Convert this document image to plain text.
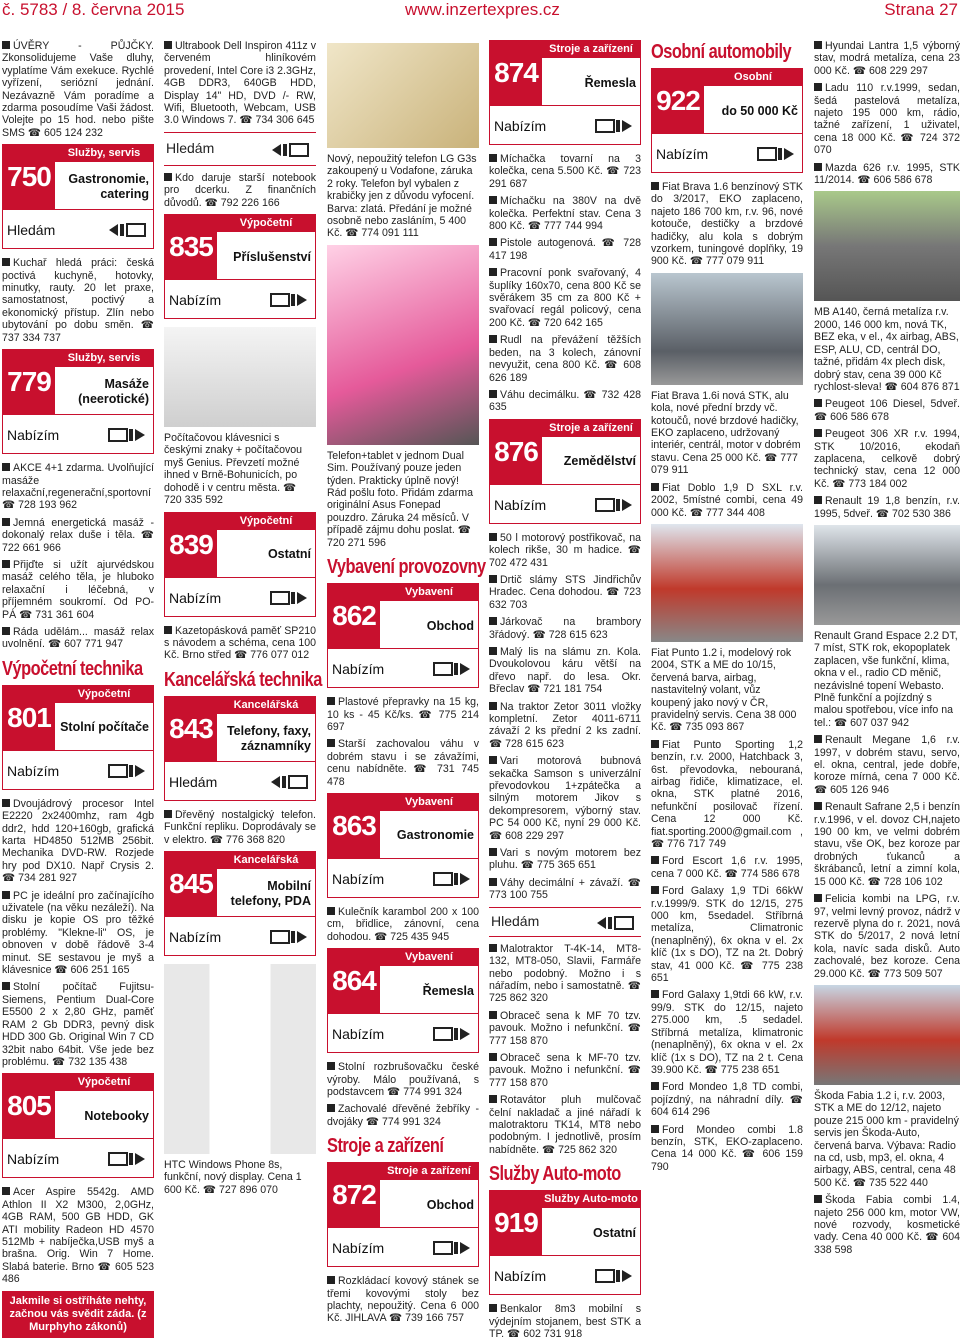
č. 5783 / 8. června 2015	www.inzertexpres.cz	Strana 27

ÚVĚRY - PŮJČKY. Zkonsolidujeme Vaše dluhy, vyplatíme Vám exekuce. Rychlé vyřízení, seriózní jednání. Nezávazně Vám poradíme a zdarma posoudíme Vaši žádost. Volejte po 15 hod. nebo pište SMS ☎ 605 124 232

750
Služby, servis
Gastronomie, catering
Hledám

Kuchař hledá práci: česká poctivá kuchyně, hotovky, minutky, rauty. 20 let praxe, samostatnost, poctivý a ekonomický přístup. Zlín nebo ubytování po dobu směn. ☎ 737 334 737

779
Služby, servis
Masáže (neerotické)
Nabízím

AKCE 4+1 zdarma. Uvolňující masáže relaxační,regenerační,sportovní ☎ 728 193 962

Jemná energetická masáž - dokonalý relax duše i těla. ☎ 722 661 966

Přijďte si užít ajurvédskou masáž celého těla, je hluboko relaxační i léčebná, v příjemném soukromí. Od PO-PÁ ☎ 731 361 604

Ráda udělám... masáž relax uvolnění. ☎ 607 771 947

Výpočetní technika
801
Výpočetní technika
Stolní počítače
Nabízím

Dvoujádrový procesor Intel E2220 2x2400mhz, ram 4gb ddr2, hdd 120+160gb, grafická karta HD4850 512MB 256bit. Mechanika DVD-RW. Rozjede hry pod DX10. Např Crysis 2. ☎ 734 281 927

PC je ideální pro začínajícího uživatele (na věku nezáleží). Na disku je kopie OS pro těžké problémy. "Klekne-li" OS, je obnoven v době řádově 3-4 minut. SE sestavou je myš a klávesnice ☎ 606 251 165

Stolní počítač Fujitsu-Siemens, Pentium Dual-Core E5500 2 x 2,80 GHz, paměť RAM 2 Gb DDR3, pevný disk HDD 300 Gb. Original Win 7 CD 32bit nabo 64bit. Vše jede bez problému. ☎ 732 135 438

805
Výpočetní technika
Notebooky
Nabízím

Acer Aspire 5542g. AMD Athlon II X2 M300, 2,0GHz, 4GB RAM, 500 GB HDD, GK ATI mobility Radeon HD 4570 512Mb + nabíječka,USB myš a brašna. Orig. Win 7 Home. Slabá baterie. Brno ☎ 605 523 486

Jakmile si ostříháte nehty, začnou vás svědit záda. (z Murphyho zákonů)

Ultrabook Dell Inspiron 411z v červeném hliníkovém provedení, Intel Core i3 2.3GHz, 4GB DDR3, 640GB HDD, Display 14" HD, DVD /- RW, Wifi, Bluetooth, Webcam, USB 3.0 Windows 7. ☎ 734 306 645

Hledám

Kdo daruje starší notebook pro dcerku. Z finančních důvodů. ☎ 792 226 166

835
Výpočetní technika
Příslušenství
Nabízím

Počítačovou klávesnici s českými znaky + počítačovou myš Genius. Převzetí možné ihned v Brně-Bohunicích, po dohodě i v centru města. ☎ 720 335 592

839
Výpočetní technika
Ostatní
Nabízím

Kazetopásková paměť SP210 s návodem a schéma, cena 100 Kč. Brno střed ☎ 776 077 012

Kancelářská technika
843
Kancelářská technika
Telefony, faxy, záznamníky
Hledám

Dřevěný nostalgický telefon. Funkční repliku. Doprodávaly se v elektro. ☎ 776 368 820

845
Kancelářská technika
Mobilní telefony, PDA
Nabízím

HTC Windows Phone 8s, funkční, nový display. Cena 1 600 Kč. ☎ 727 896 070

Nový, nepoužitý telefon LG G3s zakoupený u Vodafone, záruka 2 roky. Telefon byl vybalen z krabičky jen z důvodu vyfocení. Barva: zlatá. Předání je možné osobně nebo zasláním, 5 400 Kč. ☎ 774 091 111

Telefon+tablet v jednom Dual Sim. Používaný pouze jeden týden. Prakticky úplně nový! Rád pošlu foto. Přidám zdarma originální Asus Fonepad pouzdro. Záruka 24 měsíců. V případě zájmu dohu poslat. ☎ 720 271 596

Vybavení provozovny
862
Vybavení provozovny
Obchod
Nabízím

Plastové přepravky na 15 kg, 10 ks - 45 Kč/ks. ☎ 775 214 697

Starší zachovalou váhu v dobrém stavu i se závažími, cenu nabídněte. ☎ 731 745 478

863
Vybavení provozovny
Gastronomie
Nabízím

Kulečník karambol 200 x 100 cm, břidlice, zánovní, cena dohodou. ☎ 725 435 945

864
Vybavení provozovny
Řemesla
Nabízím

Stolní rozbrušovačku české výroby. Málo používaná, s podstavcem ☎ 774 991 324

Zachovalé dřevěné žebříky - dvojáky ☎ 774 991 324

Stroje a zařízení
872
Stroje a zařízení
Obchod
Nabízím

Rozkládací kovový stánek se třemi kovovými stoly bez plachty, nepoužitý. Cena 6 000 Kč. JIHLAVA ☎ 739 166 757

874
Stroje a zařízení
Řemesla
Nabízím

Míchačka tovarní na 3 kolečka, cena 5.500 Kč. ☎ 723 291 687

Míchačku na 380V na dvě kolečka. Perfektní stav. Cena 3 800 Kč. ☎ 777 744 994

Pistole autogenová. ☎ 728 417 198

Pracovní ponk svařovaný, 4 šuplíky 160x70, cena 800 Kč se svěrákem 35 cm za 800 Kč + svařovací regál policový, cena 200 Kč. ☎ 720 642 165

Rudl na převážení těžších beden, na 3 kolech, zánovní nevyužit, cena 800 Kč. ☎ 608 626 189

Váhu decimálku. ☎ 732 428 635

876
Stroje a zařízení
Zemědělství
Nabízím

50 l motorový postřikovač, na kolech rikše, 30 m hadice. ☎ 702 472 431

Drtič slámy STS Jindřichův Hradec. Cena dohodou. ☎ 723 632 703

Járkovač na brambory 3řádový. ☎ 728 615 623

Malý lis na slámu zn. Kola. Dvoukolovou káru větší na dřevo např. do lesa. Okr. Břeclav ☎ 721 181 754

Na traktor Zetor 3011 vložky kompletní. Zetor 4011-6711 závaží 2 ks přední 2 ks zadní. ☎ 728 615 623

Vari motorová bubnová sekačka Samson s univerzální převodovkou 1+zpátečka a silným motorem Jikov s dekompresorem, výborný stav. PC 54 000 Kč, nyní 29 000 Kč. ☎ 608 229 297

Vari s novým motorem bez pluhu. ☎ 775 365 651

Váhy decimální + závaží. ☎ 773 100 755

Hledám

Malotraktor T-4K-14, MT8-132, MT8-050, Slavii, Farmáře nebo podobný. Možno i s nářadím, nebo i samostatně. ☎ 725 862 320

Obraceč sena k MF 70 tzv. pavouk. Možno i nefunkční. ☎ 777 158 870

Obraceč sena k MF-70 tzv. pavouk. Možno i nefunkční. ☎ 777 158 870

Rotavátor pluh mulčovač čelní nakladač a jiné nářadí k malotraktoru TK14, MT8 nebo podobným. I jednotlivě, prosím nabídněte. ☎ 725 862 320

Služby Auto-moto
919
Služby Auto-moto
Ostatní
Nabízím

Benkalor 8m3 mobilní s výdejním stojanem, best STK a TP. ☎ 602 731 918

Osobní automobily
922
Osobní automobily
do 50 000 Kč
Nabízím

Fiat Brava 1.6 benzínový STK do 3/2017, EKO zaplaceno, najeto 186 700 km, r.v. 96, nové kotouče, destičky a brzdové hadičky, alu kola s dobrým vzorkem, tuningové doplňky, 19 900 Kč. ☎ 777 079 911

Fiat Brava 1.6i nová STK, alu kola, nové přední brzdy vč. kotoučů, nové brzdové hadičky, EKO zaplaceno, udržovaný interiér, centrál, motor v dobrém stavu. Cena 25 000 Kč. ☎ 777 079 911

Fiat Doblo 1,9 D SXL r.v. 2002, 5místné combi, cena 49 000 Kč. ☎ 777 344 408

Fiat Punto 1.2 i, modelový rok 2004, STK a ME do 10/15, červená barva, airbag, nastavitelný volant, vůz koupený jako nový v ČR, pravidelný servis. Cena 38 000 Kč. ☎ 735 093 867

Fiat Punto Sporting 1,2 benzín, r.v. 2000, Hatchback 3, 6st. převodovka, nebouraná, airbag řidiče, klimatizace, el. okna, STK platné 2016, nefunkční posilovač řízení. Cena 12 000 Kč. fiat.sporting.2000@gmail.com , ☎ 776 717 749

Ford Escort 1,6 r.v. 1995, cena 7 000 Kč. ☎ 774 586 678

Ford Galaxy 1,9 TDi 66kW r.v.1999/9. STK do 12/15, 275 000 km, 5sedadel. Stříbrná metalíza, Climatronic (nenaplněný), 6x okna v el. 2x klíč (1x s DO), TZ na 2t. Dobrý stav, 41 000 Kč. ☎ 775 238 651

Ford Galaxy 1,9tdi 66 kW, r.v. 99/9. STK do 12/15, najeto 275.000 km, .5 sedadel. Stříbrná metalíza, klimatronic (nenaplněný), 6x okna v el. 2x klíč (1x s DO), TZ na 2 t. Cena 39.900 Kč. ☎ 775 238 651

Ford Mondeo 1,8 TD combi, pojízdný, na náhradní díly. ☎ 604 614 296

Ford Mondeo combi 1.8 benzín, STK, EKO-zaplaceno. Cena 14 000 Kč. ☎ 606 159 790

Hyundai Lantra 1,5 výborný stav, modrá metalíza, cena 23 000 Kč. ☎ 608 229 297

Ladu 110 r.v.1999, sedan, šedá pastelová metalíza, najeto 195 000 km, rádio, tažné zařízení, 1 uživatel, cena 18 000 Kč. ☎ 724 372 070

Mazda 626 r.v. 1995, STK 11/2014. ☎ 606 586 678

MB A140, černá metalíza r.v. 2000, 146 000 km, nová TK, BEZ ekа, v el., 4x airbag, ABS, ESP, ALU, CD, centrál DO, tažné, přidám 4x plech disk, dobrý stav, cena 39 000 Kč rychlost-sleva! ☎ 604 876 871

Peugeot 106 Diesel, 5dveř. ☎ 606 586 678

Peugeot 306 XR r.v. 1994, STK 10/2016, ekodaň zaplacena, celkově dobrý technický stav, cena 12 000 Kč. ☎ 773 184 002

Renault 19 1,8 benzín, r.v. 1995, 5dveř. ☎ 702 530 386

Renault Grand Espace 2.2 DT, 7 míst, STK rok, ekopoplatek zaplacen, vše funkční, klima, okna v el., radio CD měnič, nezávislné topení Webasto. Plně funkční a pojízdný s malou spotřebou, více info na tel.: ☎ 607 037 942

Renault Megane 1,6 r.v. 1997, v dobrém stavu, servo, el. okna, central, jede dobře, korozе mírná, cena 7 000 Kč. ☎ 605 126 946

Renault Safrane 2,5 i benzín r.v.1996, v el. dovoz CH,najeto 190 00 km, ve velmi dobrém stavu, vše OK, bez koroze par drobných ťukanců a škrábanců, letní a zimní kola, 15 000 Kč. ☎ 728 106 102

Felicia kombi na LPG, r.v. 97, velmi levný provoz, nádrž v rezervě plyna do r. 2021, nová STK do 5/2017, 2 nová letní kola, navíc sada disků. Auto zachovalé, bez koroze. Cena 29.000 Kč. ☎ 773 509 507

Škoda Fabia 1.2 i, r.v. 2003, STK a ME do 12/12, najeto pouze 215 000 km - pravidelný servis jen Škoda-Auto, červená barva. Výbava: Radio na cd, usb, mp3, el. okna, 4 airbagy, ABS, central, cena 48 500 Kč. ☎ 735 522 440

Škoda Fabia combi 1.4, najeto 256 000 km, motor VW, nové rozvody, kosmetické vady. Cena 40 000 Kč. ☎ 604 338 598
